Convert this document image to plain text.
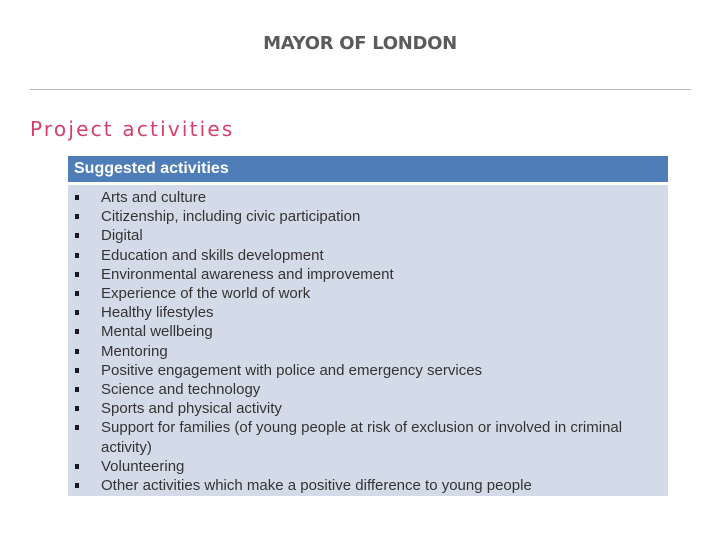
MAYOR OF LONDON
Project activities
Suggested activities
Arts and culture
Citizenship, including civic participation
Digital
Education and skills development
Environmental awareness and improvement
Experience of the world of work
Healthy lifestyles
Mental wellbeing
Mentoring
Positive engagement with police and emergency services
Science and technology
Sports and physical activity
Support for families (of young people at risk of exclusion or involved in criminal activity)
Volunteering
Other activities which make a positive difference to young people
